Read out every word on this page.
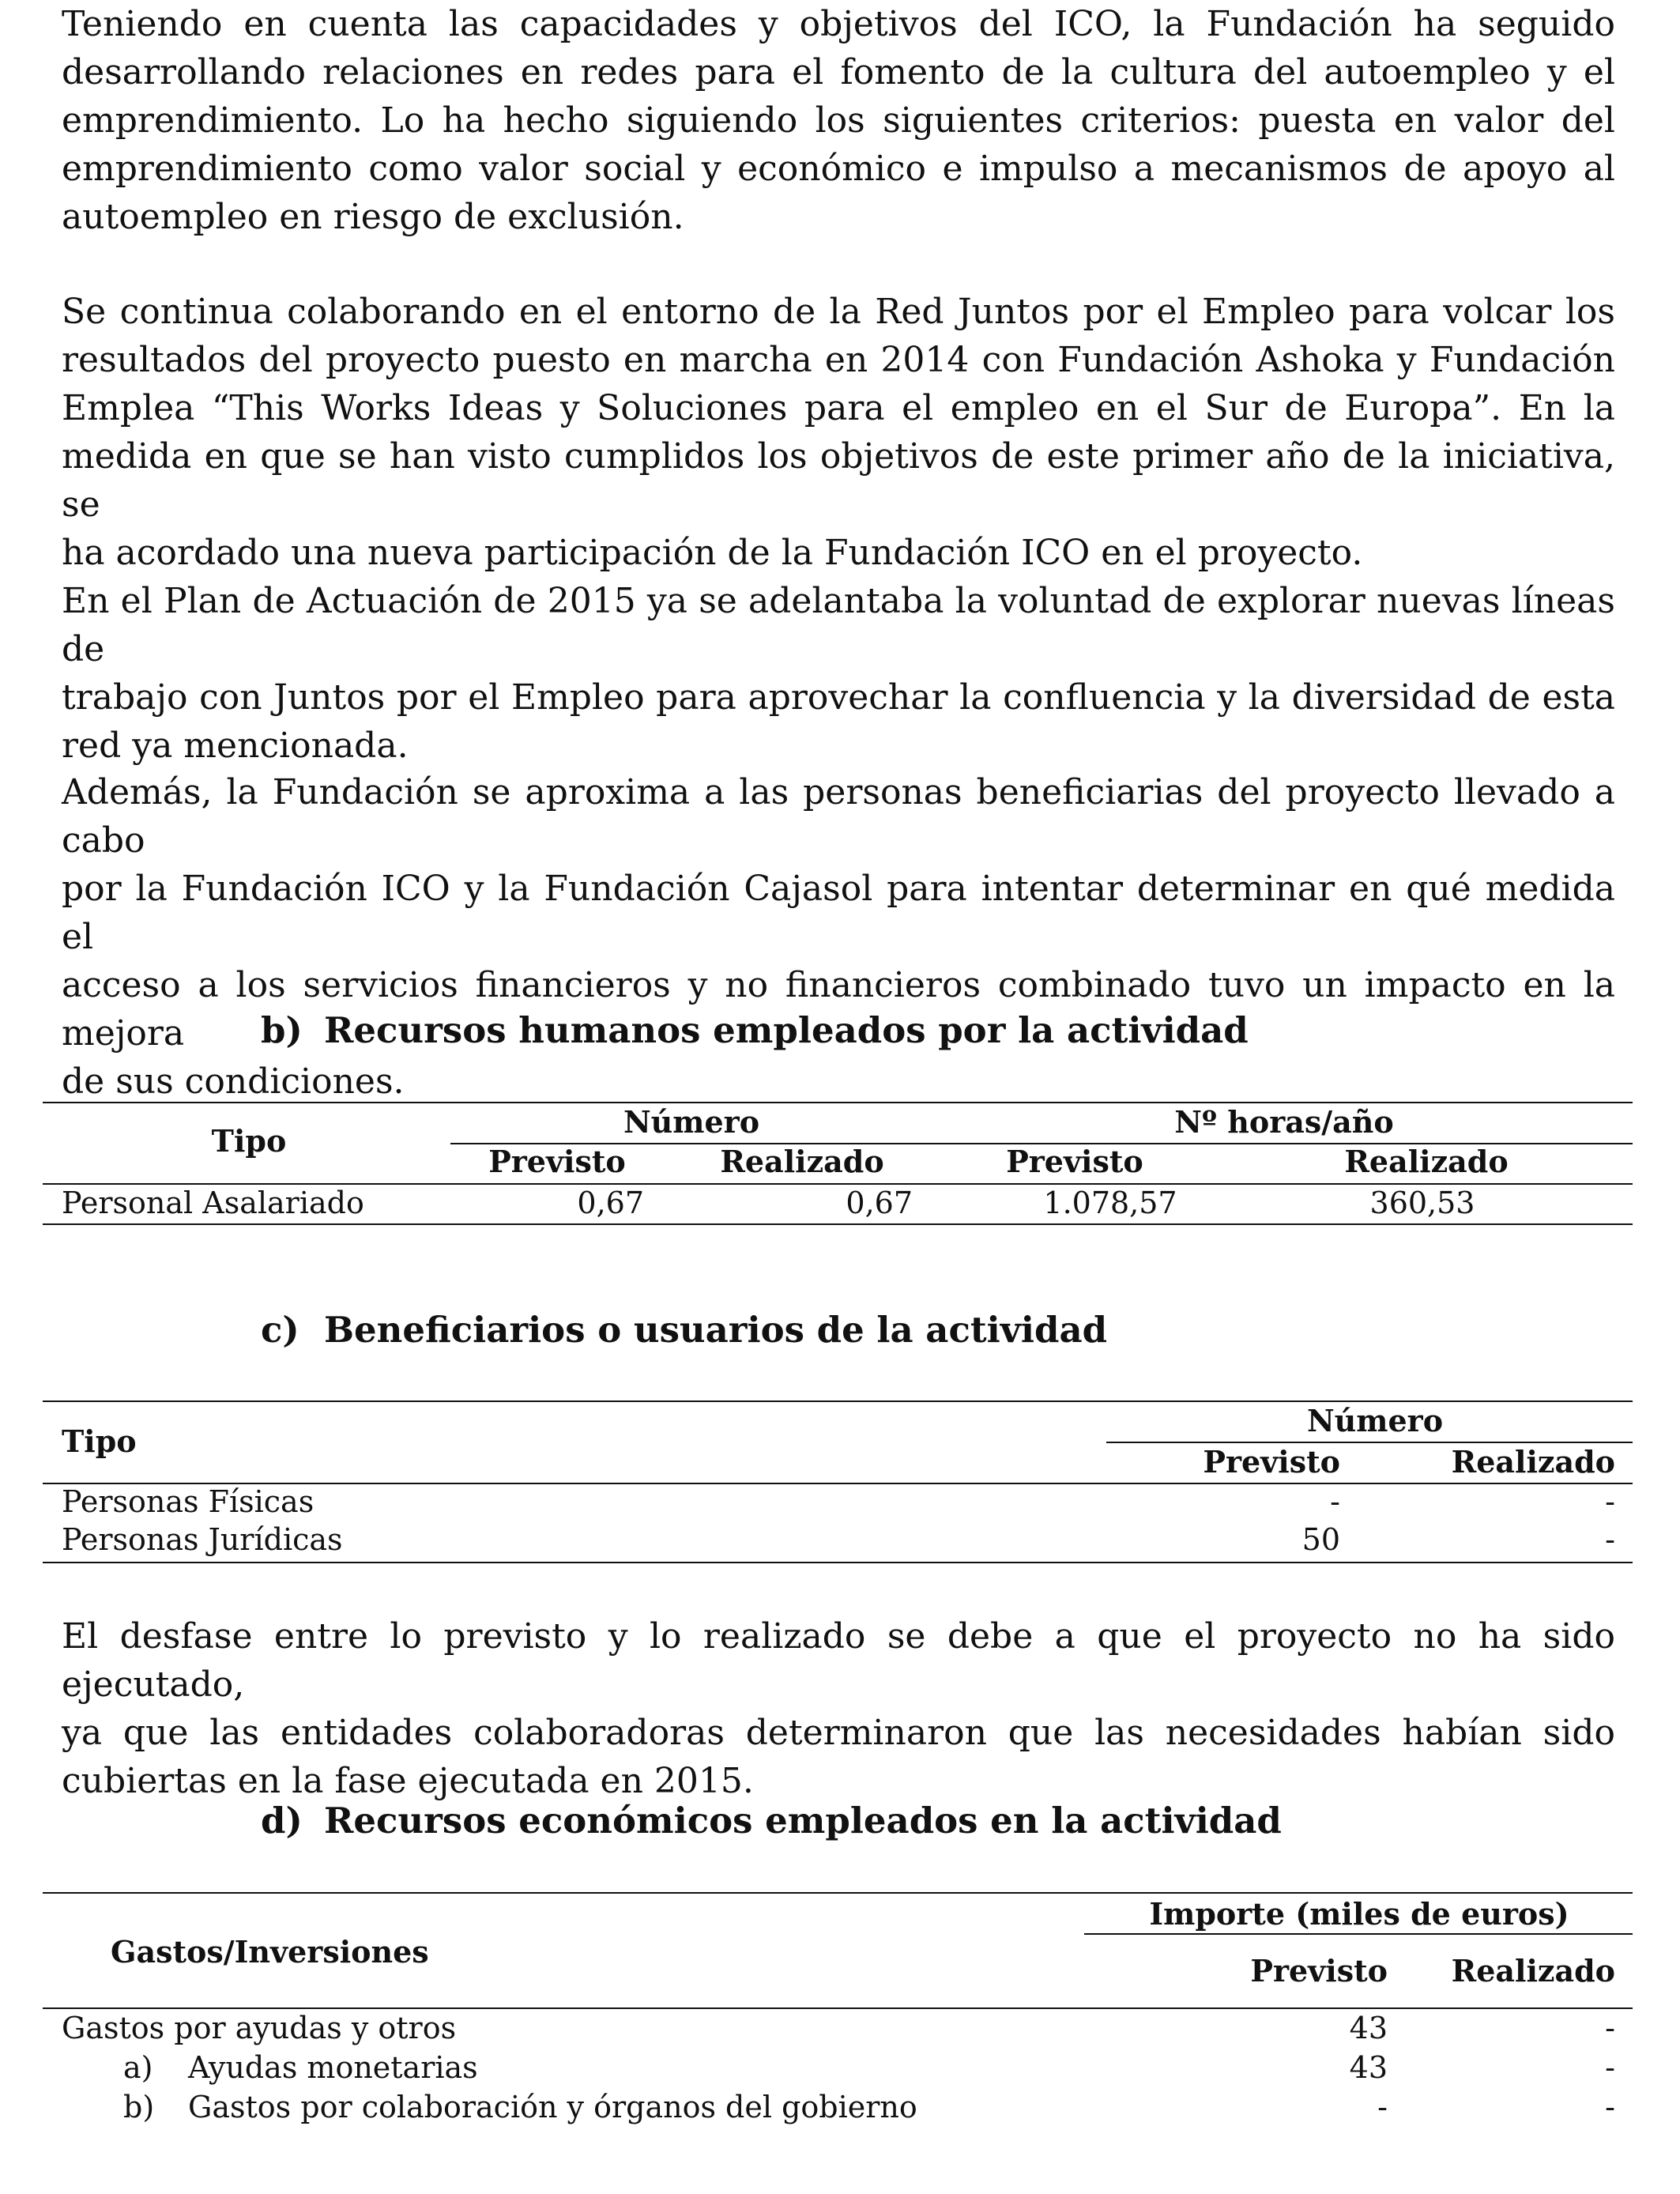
Teniendo en cuenta las capacidades y objetivos del ICO, la Fundación ha seguido
desarrollando relaciones en redes para el fomento de la cultura del autoempleo y el
emprendimiento. Lo ha hecho siguiendo los siguientes criterios: puesta en valor del
emprendimiento como valor social y económico e impulso a mecanismos de apoyo al
autoempleo en riesgo de exclusión.
Se continua colaborando en el entorno de la Red Juntos por el Empleo para volcar los
resultados del proyecto puesto en marcha en 2014 con Fundación Ashoka y Fundación
Emplea “This Works Ideas y Soluciones para el empleo en el Sur de Europa”. En la
medida en que se han visto cumplidos los objetivos de este primer año de la iniciativa, se
ha acordado una nueva participación de la Fundación ICO en el proyecto.
En el Plan de Actuación de 2015 ya se adelantaba la voluntad de explorar nuevas líneas de
trabajo con Juntos por el Empleo para aprovechar la confluencia y la diversidad de esta
red ya mencionada.
Además, la Fundación se aproxima a las personas beneficiarias del proyecto llevado a cabo
por la Fundación ICO y la Fundación Cajasol para intentar determinar en qué medida el
acceso a los servicios financieros y no financieros combinado tuvo un impacto en la mejora
de sus condiciones.
b) Recursos humanos empleados por la actividad
Tipo
Número	Nº horas/año
Previsto	Realizado	Previsto	Realizado
Personal Asalariado	0,67	0,67	1.078,57	360,53
c) Beneficiarios o usuarios de la actividad
Tipo
Número
Previsto	Realizado
Personas Físicas	-	-
Personas Jurídicas	50	-
El desfase entre lo previsto y lo realizado se debe a que el proyecto no ha sido ejecutado,
ya que las entidades colaboradoras determinaron que las necesidades habían sido
cubiertas en la fase ejecutada en 2015.
d) Recursos económicos empleados en la actividad
Gastos/Inversiones
Importe (miles de euros)
Previsto	Realizado
Gastos por ayudas y otros	43	-
a) Ayudas monetarias	43	-
b) Gastos por colaboración y órganos del gobierno	-	-
